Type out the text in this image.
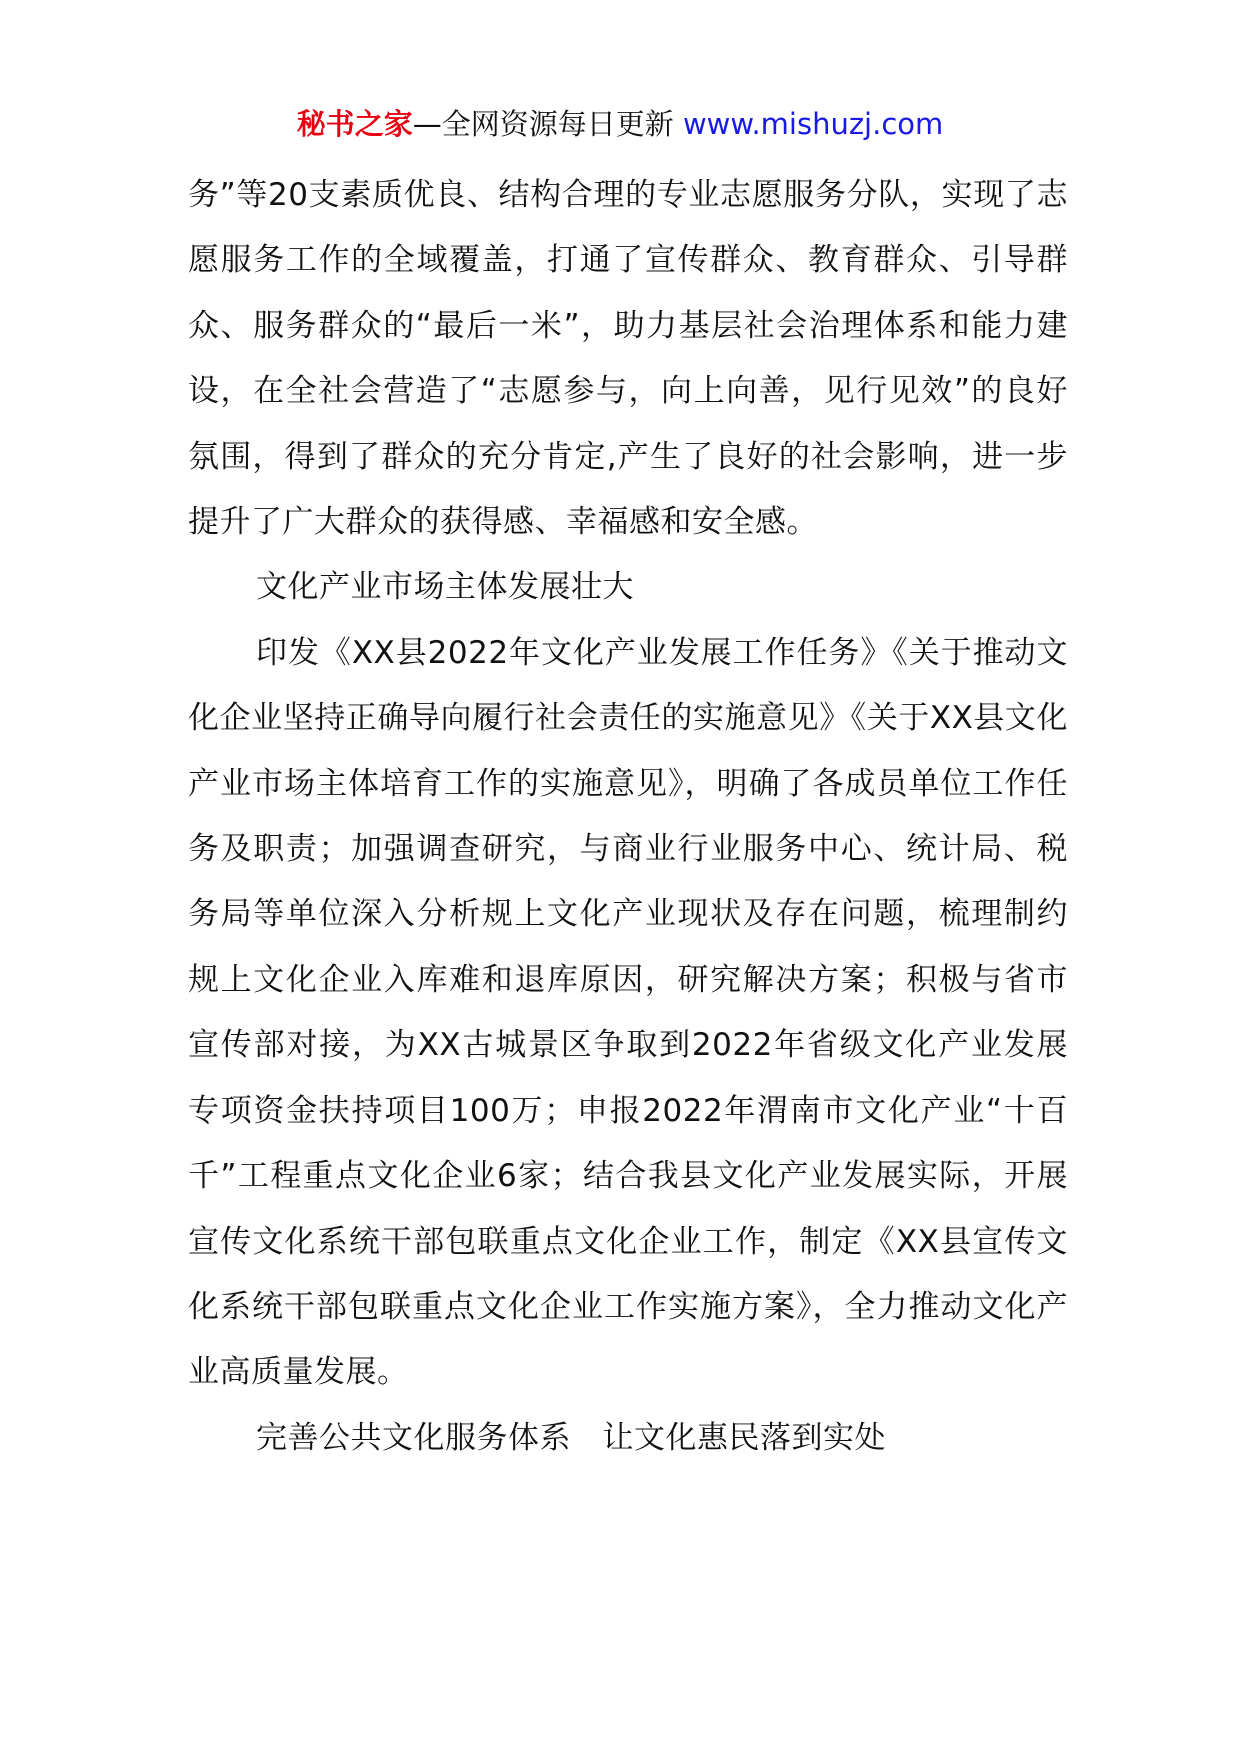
秘书之家—全网资源每日更新 www.mishuzj.com

务”等20支素质优良、结构合理的专业志愿服务分队，实现了志愿服务工作的全域覆盖，打通了宣传群众、教育群众、引导群众、服务群众的“最后一米”，助力基层社会治理体系和能力建设，在全社会营造了“志愿参与，向上向善，见行见效”的良好氛围，得到了群众的充分肯定,产生了良好的社会影响，进一步提升了广大群众的获得感、幸福感和安全感。

文化产业市场主体发展壮大

印发《XX县2022年文化产业发展工作任务》《关于推动文化企业坚持正确导向履行社会责任的实施意见》《关于XX县文化产业市场主体培育工作的实施意见》，明确了各成员单位工作任务及职责；加强调查研究，与商业行业服务中心、统计局、税务局等单位深入分析规上文化产业现状及存在问题，梳理制约规上文化企业入库难和退库原因，研究解决方案；积极与省市宣传部对接，为XX古城景区争取到2022年省级文化产业发展专项资金扶持项目100万；申报2022年渭南市文化产业“十百千”工程重点文化企业6家；结合我县文化产业发展实际，开展宣传文化系统干部包联重点文化企业工作，制定《XX县宣传文化系统干部包联重点文化企业工作实施方案》，全力推动文化产业高质量发展。

完善公共文化服务体系　让文化惠民落到实处
